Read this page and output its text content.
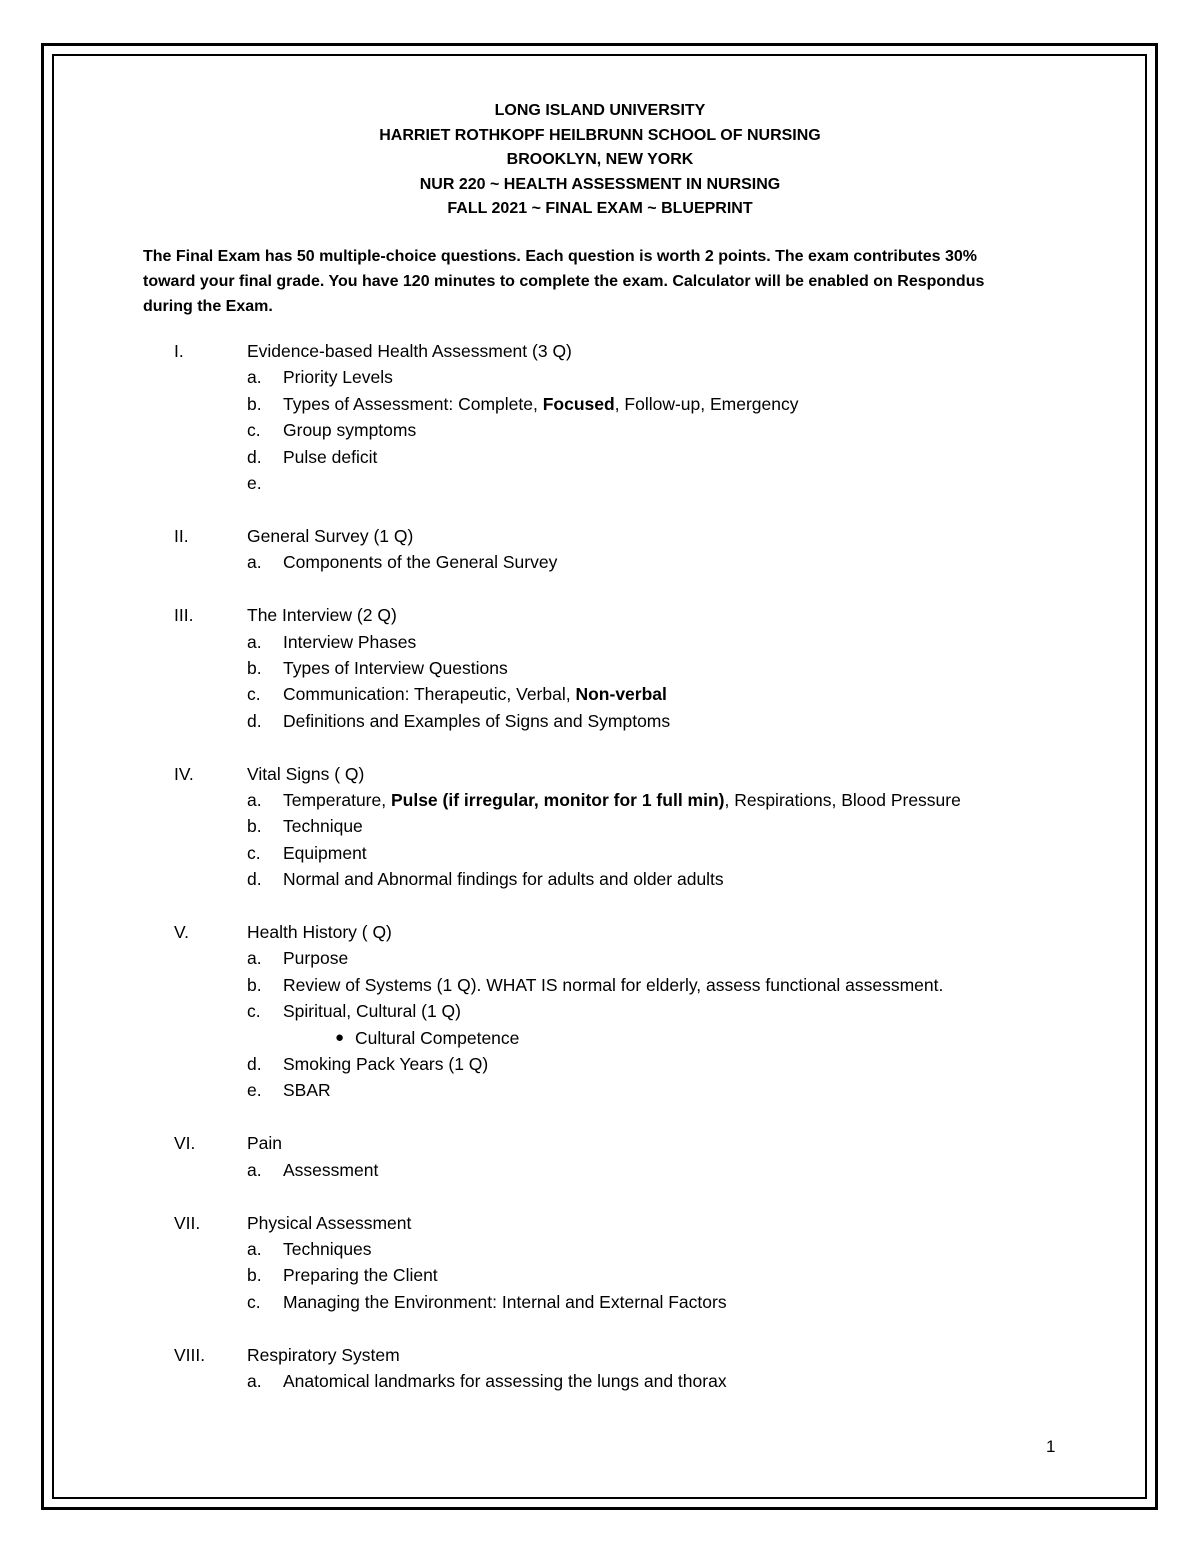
LONG ISLAND UNIVERSITY
HARRIET ROTHKOPF HEILBRUNN SCHOOL OF NURSING
BROOKLYN, NEW YORK
NUR 220 ~ HEALTH ASSESSMENT IN NURSING
FALL 2021 ~ FINAL EXAM ~ BLUEPRINT
The Final Exam has 50 multiple-choice questions. Each question is worth 2 points. The exam contributes 30%
toward your final grade. You have 120 minutes to complete the exam. Calculator will be enabled on Respondus
during the Exam.
I.	Evidence-based Health Assessment (3 Q)
a. Priority Levels
b. Types of Assessment: Complete, Focused, Follow-up, Emergency
c. Group symptoms
d. Pulse deficit
e.
II.	General Survey (1 Q)
a. Components of the General Survey
III.	The Interview (2 Q)
a. Interview Phases
b. Types of Interview Questions
c. Communication: Therapeutic, Verbal, Non-verbal
d. Definitions and Examples of Signs and Symptoms
IV.	Vital Signs ( Q)
a. Temperature, Pulse (if irregular, monitor for 1 full min), Respirations, Blood Pressure
b. Technique
c. Equipment
d. Normal and Abnormal findings for adults and older adults
V.	Health History ( Q)
a. Purpose
b. Review of Systems (1 Q). WHAT IS normal for elderly, assess functional assessment.
c. Spiritual, Cultural (1 Q)
● Cultural Competence
d. Smoking Pack Years (1 Q)
e. SBAR
VI.	Pain
a. Assessment
VII.	Physical Assessment
a. Techniques
b. Preparing the Client
c. Managing the Environment: Internal and External Factors
VIII. Respiratory System
a. Anatomical landmarks for assessing the lungs and thorax
1
